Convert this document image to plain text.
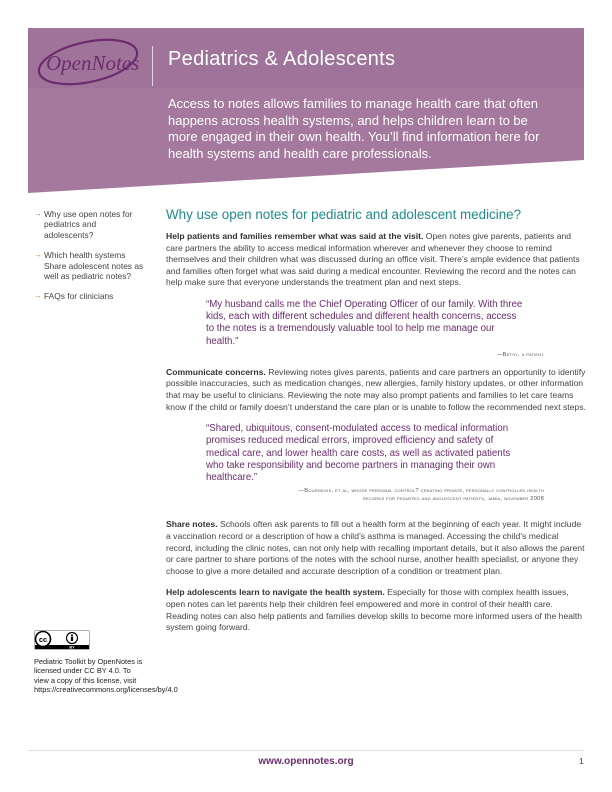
OpenNotes Pediatrics & Adolescents
Access to notes allows families to manage health care that often happens across health systems, and helps children learn to be more engaged in their own health. You’ll find information here for health systems and health care professionals.
→ Why use open notes for pediatrics and adolescents?
→ Which health systems Share adolescent notes as well as pediatric notes?
→ FAQs for clinicians
cc
BY
Pediatric Toolkit by OpenNotes is licensed under CC BY 4.0. To view a copy of this license, visit https://creativecommons.org/licenses/by/4.0
Why use open notes for pediatric and adolescent medicine?

Help patients and families remember what was said at the visit. Open notes give parents, patients and care partners the ability to access medical information wherever and whenever they choose to remind themselves and their children what was discussed during an office visit. There’s ample evidence that patients and families often forget what was said during a medical encounter. Reviewing the record and the notes can help make sure that everyone understands the treatment plan and next steps.

“My husband calls me the Chief Operating Officer of our family. With three kids, each with different schedules and different health concerns, access to the notes is a tremendously valuable tool to help me manage our health.”
—Betsy, a patient

Communicate concerns. Reviewing notes gives parents, patients and care partners an opportunity to identify possible inaccuracies, such as medication changes, new allergies, family history updates, or other information that may be useful to clinicians. Reviewing the note may also prompt patients and families to let care teams know if the child or family doesn’t understand the care plan or is unable to follow the recommended next steps.

“Shared, ubiquitous, consent-modulated access to medical information promises reduced medical errors, improved efficiency and safety of medical care, and lower health care costs, as well as activated patients who take responsibility and become partners in managing their own healthcare.”
—Bourgeois, et al, whose personal control? creating private, personally controlled health
records for pediatric and adolescent patients, jamia, november 2008

Share notes. Schools often ask parents to fill out a health form at the beginning of each year. It might include a vaccination record or a description of how a child’s asthma is managed. Accessing the child’s medical record, including the clinic notes, can not only help with recalling important details, but it also allows the parent or care partner to share portions of the notes with the school nurse, another health specialist, or anyone they choose to give a more detailed and accurate description of a condition or treatment plan.

Help adolescents learn to navigate the health system. Especially for those with complex health issues, open notes can let parents help their children feel empowered and more in control of their health care. Reading notes can also help patients and families develop skills to become more informed users of the health system going forward.

www.opennotes.org	1
